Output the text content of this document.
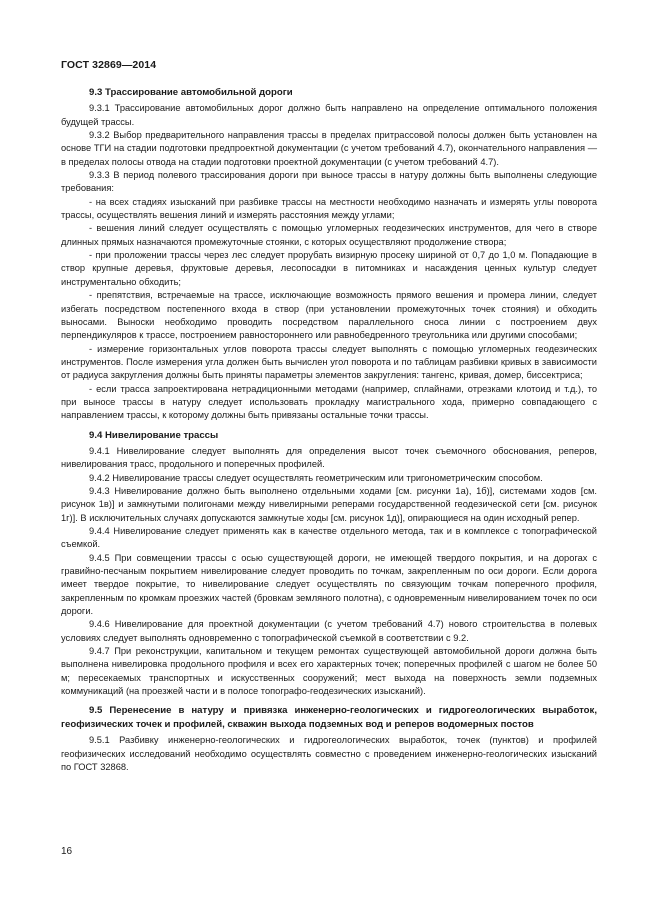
ГОСТ 32869—2014
9.3 Трассирование автомобильной дороги

9.3.1 Трассирование автомобильных дорог должно быть направлено на определение оптимального положения будущей трассы.

9.3.2 Выбор предварительного направления трассы в пределах притрассовой полосы должен быть установлен на основе ТГИ на стадии подготовки предпроектной документации (с учетом требований 4.7), окончательного направления — в пределах полосы отвода на стадии подготовки проектной документации (с учетом требований 4.7).

9.3.3 В период полевого трассирования дороги при выносе трассы в натуру должны быть выполнены следующие требования:

- на всех стадиях изысканий при разбивке трассы на местности необходимо назначать и измерять углы поворота трассы, осуществлять вешения линий и измерять расстояния между углами;

- вешения линий следует осуществлять с помощью угломерных геодезических инструментов, для чего в створе длинных прямых назначаются промежуточные стоянки, с которых осуществляют продолжение створа;

- при проложении трассы через лес следует прорубать визирную просеку шириной от 0,7 до 1,0 м. Попадающие в створ крупные деревья, фруктовые деревья, лесопосадки в питомниках и насаждения ценных культур следует инструментально обходить;

- препятствия, встречаемые на трассе, исключающие возможность прямого вешения и промера линии, следует избегать посредством постепенного входа в створ (при установлении промежуточных точек стояния) и обходить выносами. Выноски необходимо проводить посредством параллельного сноса линии с построением двух перпендикуляров к трассе, построением равностороннего или равнобедренного треугольника или другими способами;

- измерение горизонтальных углов поворота трассы следует выполнять с помощью угломерных геодезических инструментов. После измерения угла должен быть вычислен угол поворота и по таблицам разбивки кривых в зависимости от радиуса закругления должны быть приняты параметры элементов закругления: тангенс, кривая, домер, биссектриса;

- если трасса запроектирована нетрадиционными методами (например, сплайнами, отрезками клотоид и т.д.), то при выносе трассы в натуру следует использовать прокладку магистрального хода, примерно совпадающего с направлением трассы, к которому должны быть привязаны остальные точки трассы.

9.4 Нивелирование трассы

9.4.1 Нивелирование следует выполнять для определения высот точек съемочного обоснования, реперов, нивелирования трасс, продольного и поперечных профилей.

9.4.2 Нивелирование трассы следует осуществлять геометрическим или тригонометрическим способом.

9.4.3 Нивелирование должно быть выполнено отдельными ходами [см. рисунки 1а), 1б)], системами ходов [см. рисунок 1в)] и замкнутыми полигонами между нивелирными реперами государственной геодезической сети [см. рисунок 1г)]. В исключительных случаях допускаются замкнутые ходы [см. рисунок 1д)], опирающиеся на один исходный репер.

9.4.4 Нивелирование следует применять как в качестве отдельного метода, так и в комплексе с топографической съемкой.

9.4.5 При совмещении трассы с осью существующей дороги, не имеющей твердого покрытия, и на дорогах с гравийно-песчаным покрытием нивелирование следует проводить по точкам, закрепленным по оси дороги. Если дорога имеет твердое покрытие, то нивелирование следует осуществлять по связующим точкам поперечного профиля, закрепленным по кромкам проезжих частей (бровкам земляного полотна), с одновременным нивелированием точек по оси дороги.

9.4.6 Нивелирование для проектной документации (с учетом требований 4.7) нового строительства в полевых условиях следует выполнять одновременно с топографической съемкой в соответствии с 9.2.

9.4.7 При реконструкции, капитальном и текущем ремонтах существующей автомобильной дороги должна быть выполнена нивелировка продольного профиля и всех его характерных точек; поперечных профилей с шагом не более 50 м; пересекаемых транспортных и искусственных сооружений; мест выхода на поверхность земли подземных коммуникаций (на проезжей части и в полосе топографо-геодезических изысканий).

9.5 Перенесение в натуру и привязка инженерно-геологических и гидрогеологических выработок, геофизических точек и профилей, скважин выхода подземных вод и реперов водомерных постов

9.5.1 Разбивку инженерно-геологических и гидрогеологических выработок, точек (пунктов) и профилей геофизических исследований необходимо осуществлять совместно с проведением инженерно-геологических изысканий по ГОСТ 32868.

16
